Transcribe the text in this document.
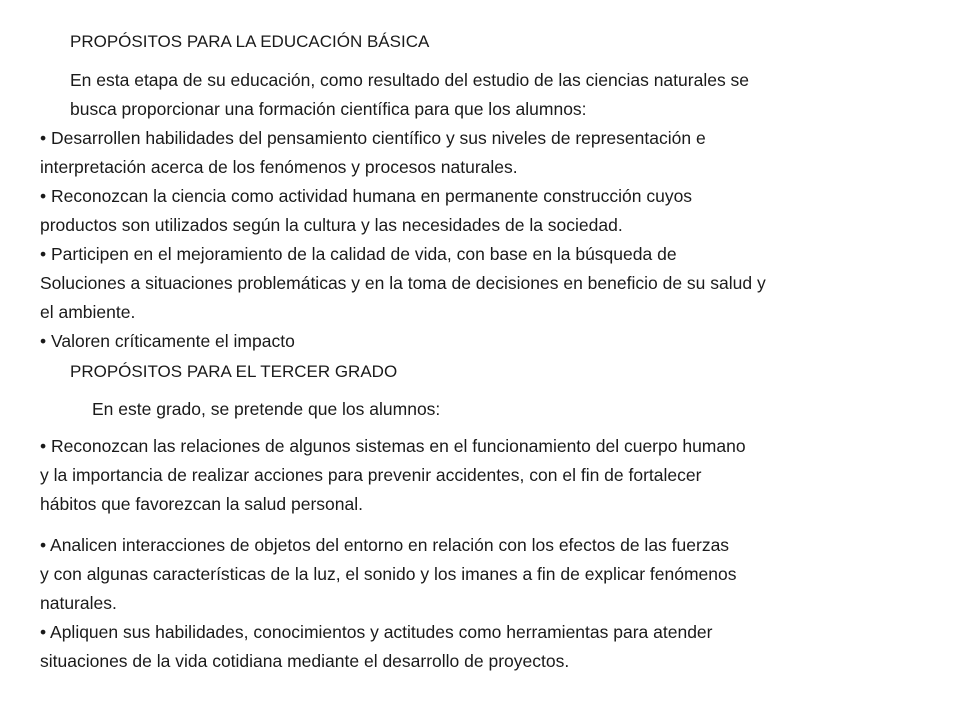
PROPÓSITOS PARA LA EDUCACIÓN BÁSICA
En esta etapa de su educación, como resultado del estudio de las ciencias naturales se
busca proporcionar una formación científica para que los alumnos:
• Desarrollen habilidades del pensamiento científico y sus niveles de representación e
interpretación acerca de los fenómenos y procesos naturales.
• Reconozcan la ciencia como actividad humana en permanente construcción cuyos
productos son utilizados según la cultura y las necesidades de la sociedad.
• Participen en el mejoramiento de la calidad de vida, con base en la búsqueda de
Soluciones a situaciones problemáticas y en la toma de decisiones en beneficio de su salud y
el ambiente.
• Valoren críticamente el impacto
PROPÓSITOS PARA EL TERCER GRADO
En este grado, se pretende que los alumnos:
• Reconozcan las relaciones de algunos sistemas en el funcionamiento del cuerpo humano
y la importancia de realizar acciones para prevenir accidentes, con el fin de fortalecer
hábitos que favorezcan la salud personal.
• Analicen interacciones de objetos del entorno en relación con los efectos de las fuerzas
y con algunas características de la luz, el sonido y los imanes a fin de explicar fenómenos
naturales.
• Apliquen sus habilidades, conocimientos y actitudes como herramientas para atender
situaciones de la vida cotidiana mediante el desarrollo de proyectos.
